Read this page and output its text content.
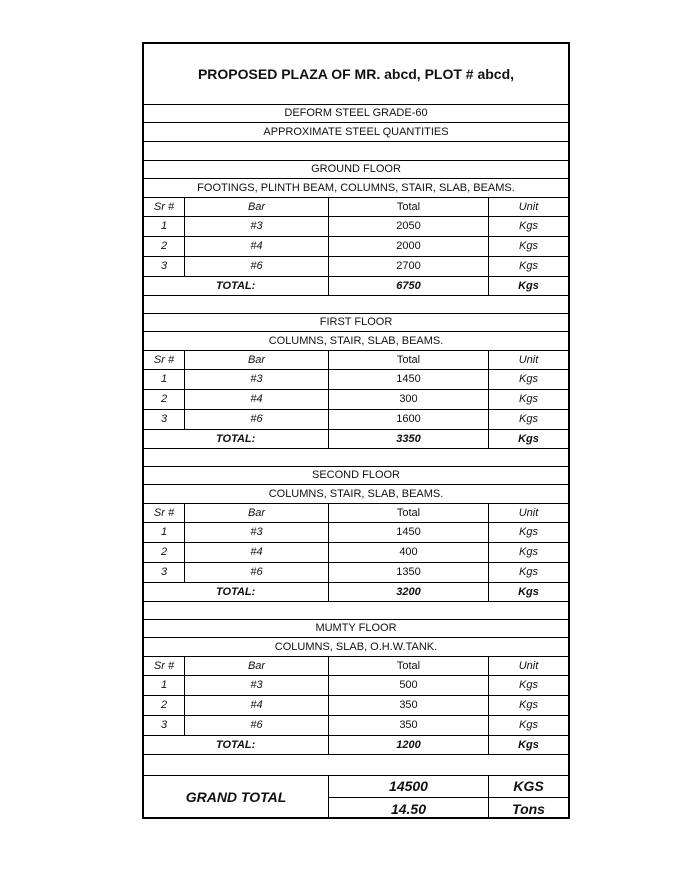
PROPOSED PLAZA OF MR. abcd, PLOT # abcd,
DEFORM STEEL GRADE-60
APPROXIMATE STEEL QUANTITIES
GROUND FLOOR
FOOTINGS, PLINTH BEAM, COLUMNS, STAIR, SLAB, BEAMS.
Sr #	Bar	Total	Unit
1	#3	2050	Kgs
2	#4	2000	Kgs
3	#6	2700	Kgs
TOTAL:	6750	Kgs
FIRST FLOOR
COLUMNS, STAIR, SLAB, BEAMS.
Sr #	Bar	Total	Unit
1	#3	1450	Kgs
2	#4	300	Kgs
3	#6	1600	Kgs
TOTAL:	3350	Kgs
SECOND FLOOR
COLUMNS, STAIR, SLAB, BEAMS.
Sr #	Bar	Total	Unit
1	#3	1450	Kgs
2	#4	400	Kgs
3	#6	1350	Kgs
TOTAL:	3200	Kgs
MUMTY FLOOR
COLUMNS, SLAB, O.H.W.TANK.
Sr #	Bar	Total	Unit
1	#3	500	Kgs
2	#4	350	Kgs
3	#6	350	Kgs
TOTAL:	1200	Kgs
GRAND TOTAL
14500	KGS
14.50	Tons
